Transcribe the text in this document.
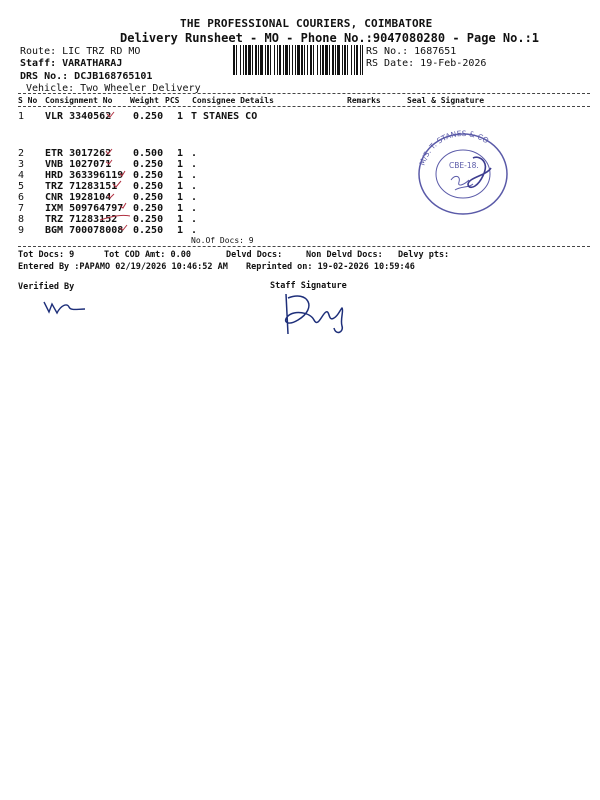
THE PROFESSIONAL COURIERS, COIMBATORE
Delivery Runsheet - MO - Phone No.:9047080280 - Page No.:1
Route: LIC TRZ RD MO
Staff: VARATHARAJ
DRS No.: DCJB168765101
Vehicle: Two Wheeler Delivery
RS No.: 1687651
RS Date: 19-Feb-2026
S No Consignment No Weight PCS Consignee Details	Remarks	Seal & Signature
1 VLR 3340562 0.250 1 T STANES CO
2 ETR 3017262 0.500 1 .
3 VNB 1027071 0.250 1 .
4 HRD 363396119 0.250 1 .
5 TRZ 71283151 0.250 1 .
6 CNR 1928104 0.250 1 .
7 IXM 509764797 0.250 1 .
8 TRZ 71283152 0.250 1 .
9 BGM 700078008 0.250 1 .
M/S. T. STANES & CO
CBE-18.
No.Of Docs: 9
Tot Docs: 9	Tot COD Amt: 0.00	Delvd Docs:	Non Delvd Docs: Delvy pts:
Entered By :PAPAMO 02/19/2026 10:46:52 AM Reprinted on: 19-02-2026 10:59:46
Verified By	Staff Signature
